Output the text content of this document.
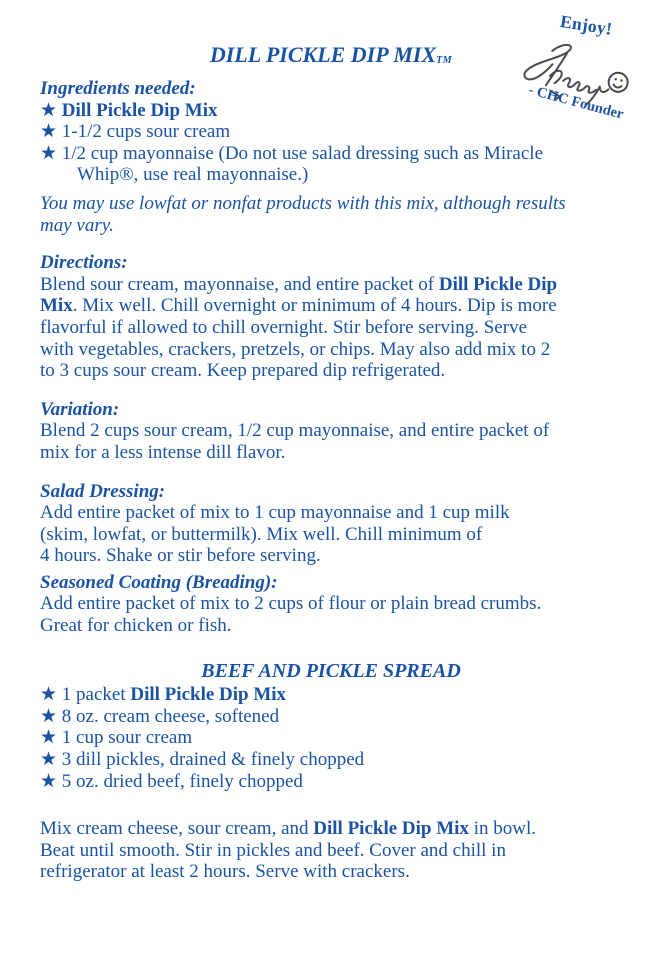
DILL PICKLE DIP MIXTM
Ingredients needed:
★ Dill Pickle Dip Mix
★ 1-1/2 cups sour cream
★ 1/2 cup mayonnaise (Do not use salad dressing such as Miracle
Whip®, use real mayonnaise.)
You may use lowfat or nonfat products with this mix, although results
may vary.
Directions:
Blend sour cream, mayonnaise, and entire packet of Dill Pickle Dip
Mix. Mix well. Chill overnight or minimum of 4 hours. Dip is more
flavorful if allowed to chill overnight. Stir before serving. Serve
with vegetables, crackers, pretzels, or chips. May also add mix to 2
to 3 cups sour cream. Keep prepared dip refrigerated.
Variation:
Blend 2 cups sour cream, 1/2 cup mayonnaise, and entire packet of
mix for a less intense dill flavor.
Salad Dressing:
Add entire packet of mix to 1 cup mayonnaise and 1 cup milk
(skim, lowfat, or buttermilk). Mix well. Chill minimum of
4 hours. Shake or stir before serving.
Seasoned Coating (Breading):
Add entire packet of mix to 2 cups of flour or plain bread crumbs.
Great for chicken or fish.
BEEF AND PICKLE SPREAD
★ 1 packet Dill Pickle Dip Mix
★ 8 oz. cream cheese, softened
★ 1 cup sour cream
★ 3 dill pickles, drained & finely chopped
★ 5 oz. dried beef, finely chopped
Mix cream cheese, sour cream, and Dill Pickle Dip Mix in bowl.
Beat until smooth. Stir in pickles and beef. Cover and chill in
refrigerator at least 2 hours. Serve with crackers.
Enjoy!
- CHC Founder
